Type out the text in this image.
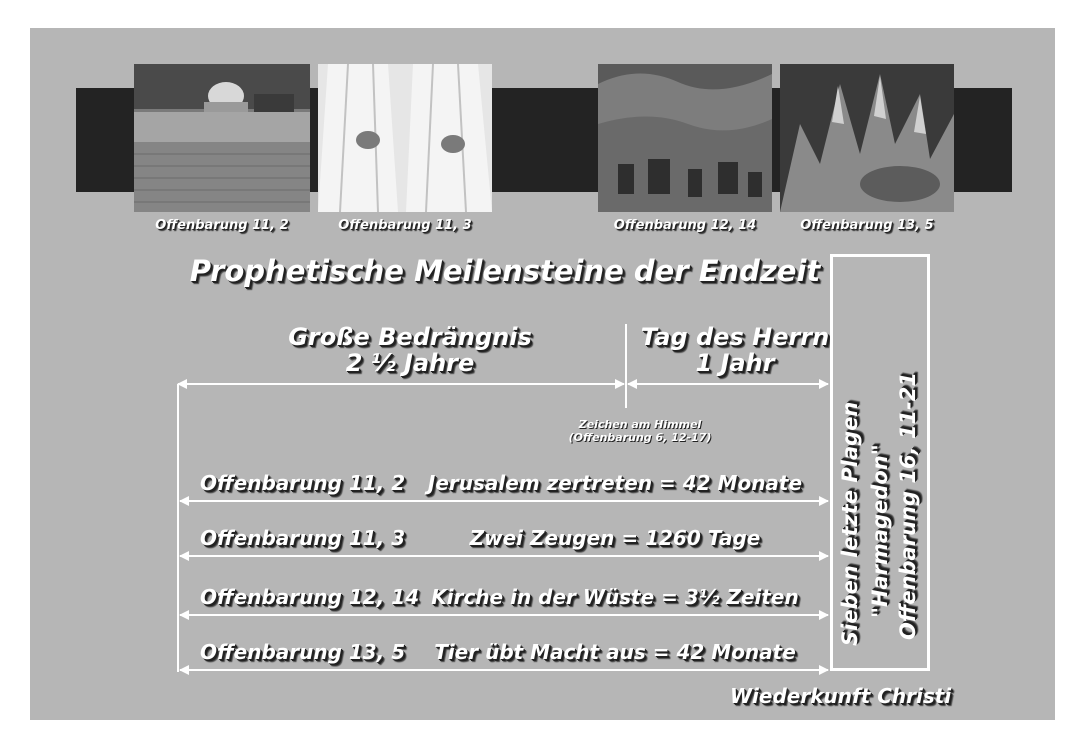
Offenbarung 11, 2	Offenbarung 11, 3	Offenbarung 12, 14	Offenbarung 13, 5
Prophetische Meilensteine der Endzeit
Große Bedrängnis
2 ½ Jahre
Tag des Herrn
1 Jahr
Zeichen am Himmel
(Offenbarung 6, 12-17)
Offenbarung 11, 2	Jerusalem zertreten = 42 Monate
Offenbarung 11, 3	Zwei Zeugen = 1260 Tage
Offenbarung 12, 14 Kirche in der Wüste = 3½ Zeiten
Offenbarung 13, 5	Tier übt Macht aus = 42 Monate
Sieben letzte Plagen "Harmagedon" Offenbarung 16, 11-21
Wiederkunft Christi
